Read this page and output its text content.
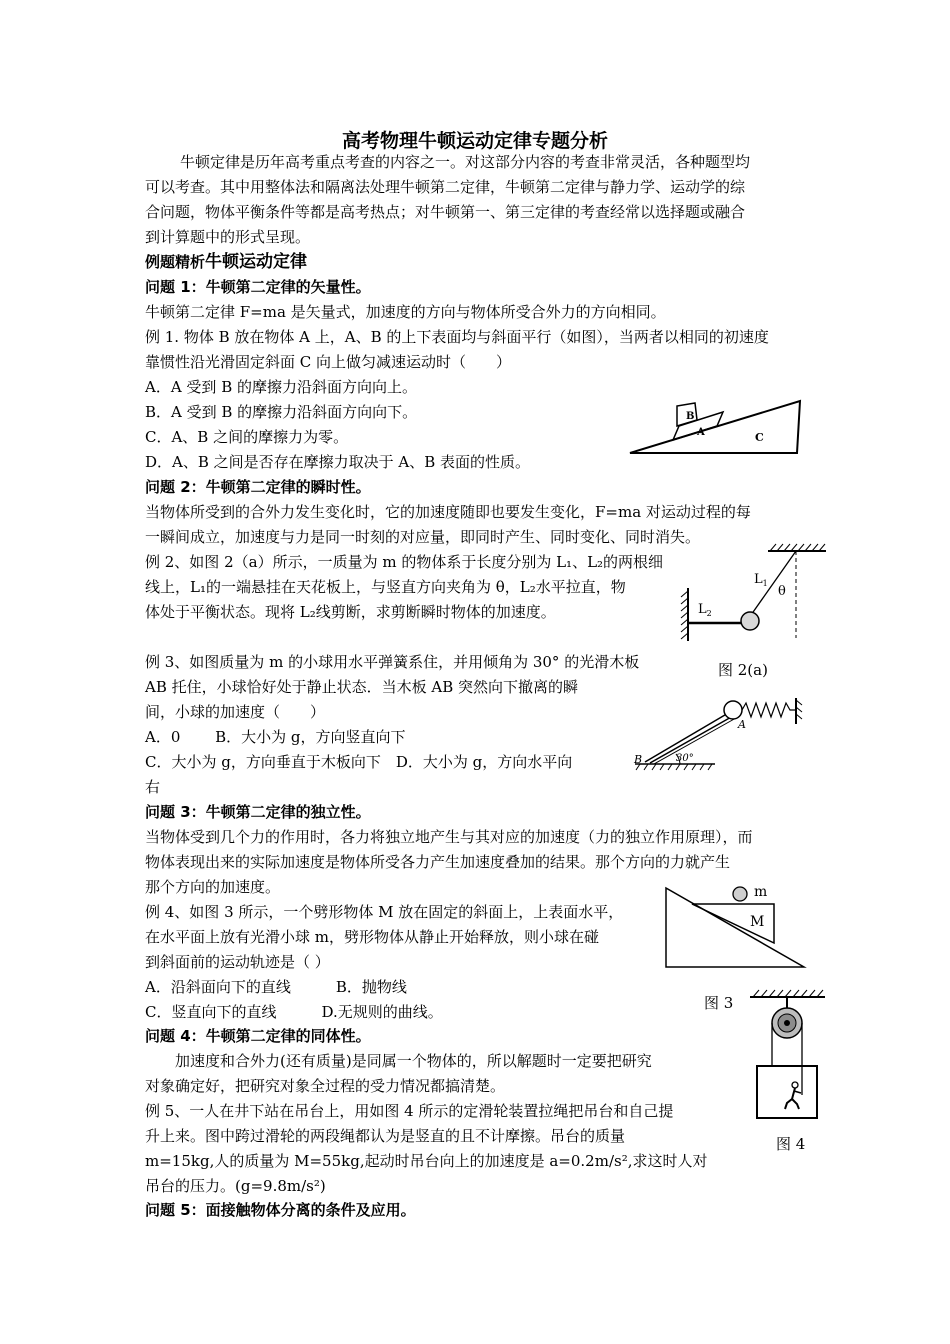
高考物理牛顿运动定律专题分析
牛顿定律是历年高考重点考查的内容之一。对这部分内容的考查非常灵活，各种题型均
可以考查。其中用整体法和隔离法处理牛顿第二定律，牛顿第二定律与静力学、运动学的综
合问题，物体平衡条件等都是高考热点；对牛顿第一、第三定律的考查经常以选择题或融合
到计算题中的形式呈现。
例题精析牛顿运动定律
问题 1：牛顿第二定律的矢量性。
牛顿第二定律 F=ma 是矢量式，加速度的方向与物体所受合外力的方向相同。
例 1. 物体 B 放在物体 A 上，A、B 的上下表面均与斜面平行（如图），当两者以相同的初速度
靠惯性沿光滑固定斜面 C 向上做匀减速运动时（　　）
A．A 受到 B 的摩擦力沿斜面方向向上。
B．A 受到 B 的摩擦力沿斜面方向向下。
C．A、B 之间的摩擦力为零。
D．A、B 之间是否存在摩擦力取决于 A、B 表面的性质。
B
A	C
问题 2：牛顿第二定律的瞬时性。
当物体所受到的合外力发生变化时，它的加速度随即也要发生变化，F=ma 对运动过程的每
一瞬间成立，加速度与力是同一时刻的对应量，即同时产生、同时变化、同时消失。
例 2、如图 2（a）所示，一质量为 m 的物体系于长度分别为 L₁、L₂的两根细
线上，L₁的一端悬挂在天花板上，与竖直方向夹角为 θ，L₂水平拉直，物
体处于平衡状态。现将 L₂线剪断，求剪断瞬时物体的加速度。
$L_1$
θ
$L_2$
图 2(a)
例 3、如图质量为 m 的小球用水平弹簧系住，并用倾角为 30° 的光滑木板
AB 托住，小球恰好处于静止状态．当木板 AB 突然向下撤离的瞬
间，小球的加速度（　　）
A．0 　　B．大小为 g，方向竖直向下
C．大小为 g，方向垂直于木板向下　D．大小为 g，方向水平向
右
B
A
30°
问题 3：牛顿第二定律的独立性。
当物体受到几个力的作用时，各力将独立地产生与其对应的加速度（力的独立作用原理），而
物体表现出来的实际加速度是物体所受各力产生加速度叠加的结果。那个方向的力就产生
那个方向的加速度。
例 4、如图 3 所示，一个劈形物体 M 放在固定的斜面上，上表面水平，
在水平面上放有光滑小球 m，劈形物体从静止开始释放，则小球在碰
到斜面前的运动轨迹是（ ）
A．沿斜面向下的直线　　　B．抛物线
C．竖直向下的直线　　　D.无规则的曲线。
m
M
图 3
问题 4：牛顿第二定律的同体性。
　　加速度和合外力(还有质量)是同属一个物体的，所以解题时一定要把研究
对象确定好，把研究对象全过程的受力情况都搞清楚。
例 5、一人在井下站在吊台上，用如图 4 所示的定滑轮装置拉绳把吊台和自己提
升上来。图中跨过滑轮的两段绳都认为是竖直的且不计摩擦。吊台的质量
m=15kg,人的质量为 M=55kg,起动时吊台向上的加速度是 a=0.2m/s²,求这时人对
吊台的压力。(g=9.8m/s²)
图 4
问题 5：面接触物体分离的条件及应用。
